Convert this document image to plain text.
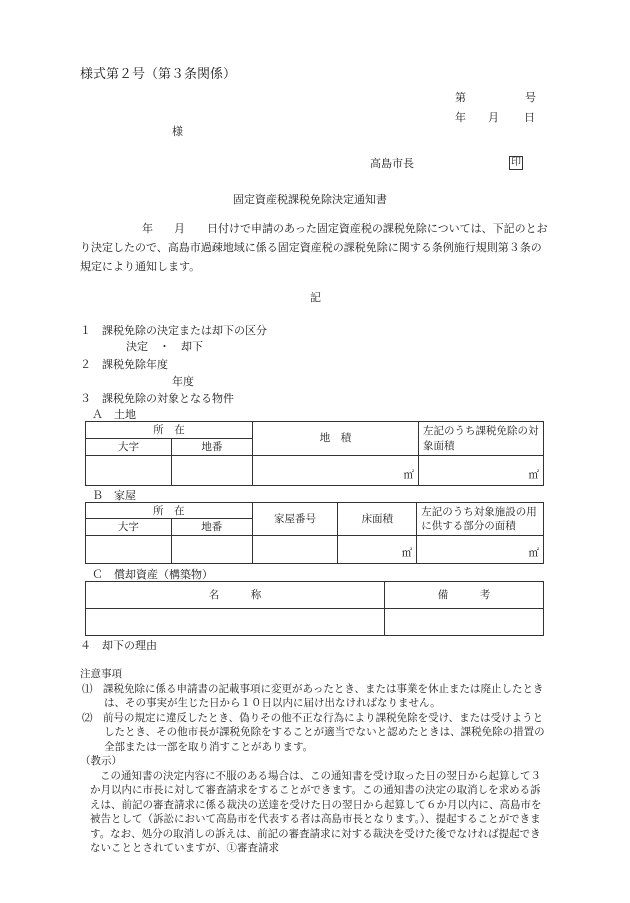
様式第２号（第３条関係）
第	号
年 月 日
様
高島市長	印
固定資産税課税免除決定通知書
年 月	日付けで申請のあった固定資産税の課税免除については、下記のとおり決定したので、高島市過疎地域に係る固定資産税の課税免除に関する条例施行規則第３条の規定により通知します。
記
１　課税免除の決定または却下の区分
決定　・　却下
２　課税免除年度
年度
３　課税免除の対象となる物件
Ａ　土地
所　在		地　積	左記のうち課税免除の対象面積
大字	地番		
		㎡	㎡
Ｂ　家屋
所　在		家屋番号	床面積	左記のうち対象施設の用に供する部分の面積
大字	地番			
			㎡	㎡
Ｃ　償却資産（構築物）
名　　　称	備　　　考

４　却下の理由

注意事項

⑴　課税免除に係る申請書の記載事項に変更があったとき、または事業を休止または廃止したときは、その事実が生じた日から１０日以内に届け出なければなりません。

⑵　前号の規定に違反したとき、偽りその他不正な行為により課税免除を受け、または受けようとしたとき、その他市長が課税免除をすることが適当でないと認めたときは、課税免除の措置の全部または一部を取り消すことがあります。

（教示）

この通知書の決定内容に不服のある場合は、この通知書を受け取った日の翌日から起算して３か月以内に市長に対して審査請求をすることができます。この通知書の決定の取消しを求める訴えは、前記の審査請求に係る裁決の送達を受けた日の翌日から起算して６か月以内に、高島市を被告として（訴訟において高島市を代表する者は高島市長となります。）、提起することができます。なお、処分の取消しの訴えは、前記の審査請求に対する裁決を受けた後でなければ提起できないこととされていますが、①審査請求
